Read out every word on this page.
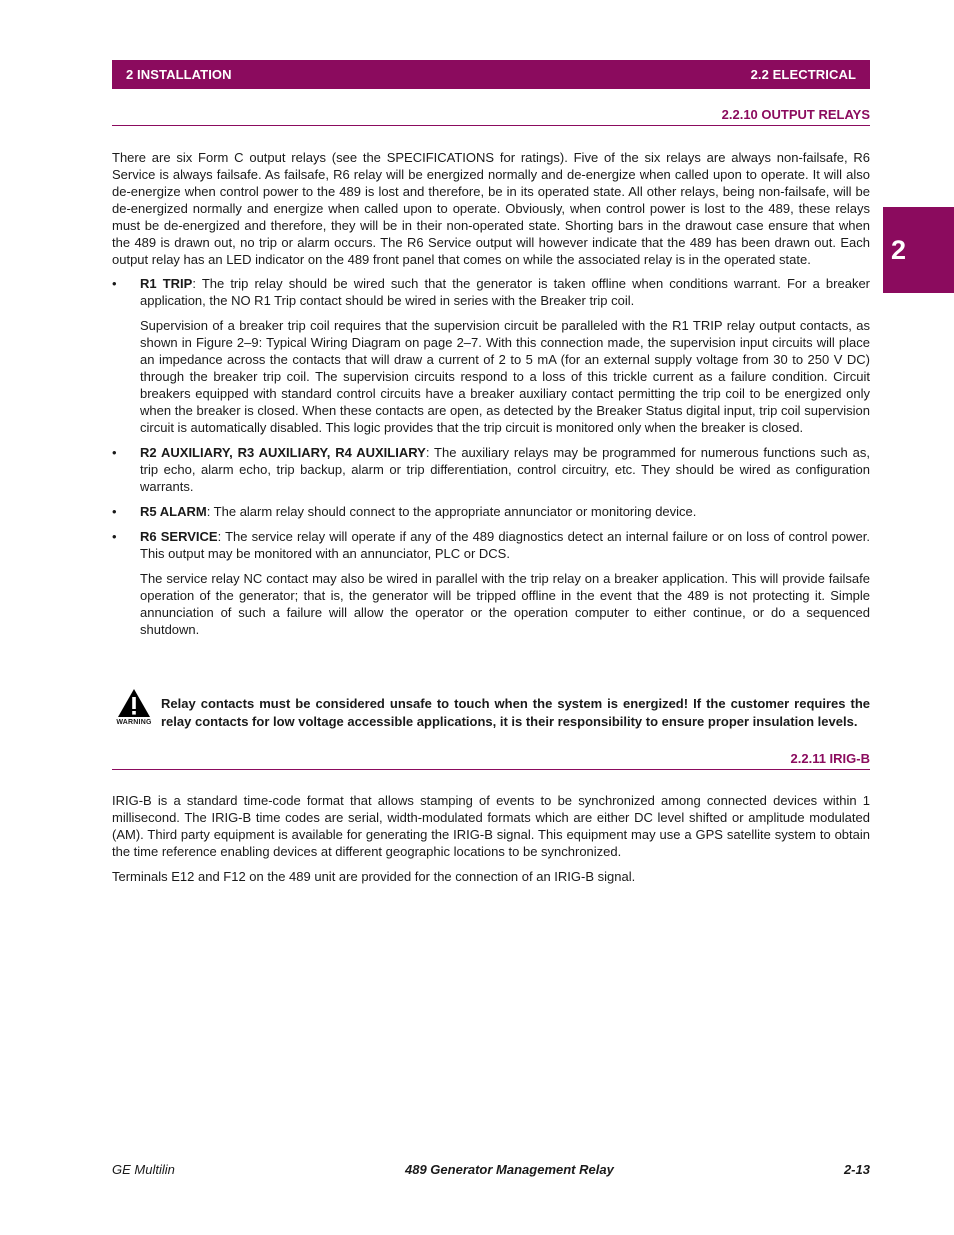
2 INSTALLATION	2.2 ELECTRICAL
2
2.2.10 OUTPUT RELAYS

There are six Form C output relays (see the SPECIFICATIONS for ratings). Five of the six relays are always non-failsafe, R6 Service is always failsafe. As failsafe, R6 relay will be energized normally and de-energize when called upon to operate. It will also de-energize when control power to the 489 is lost and therefore, be in its operated state. All other relays, being non-failsafe, will be de-energized normally and energize when called upon to operate. Obviously, when control power is lost to the 489, these relays must be de-energized and therefore, they will be in their non-operated state. Shorting bars in the drawout case ensure that when the 489 is drawn out, no trip or alarm occurs. The R6 Service output will however indicate that the 489 has been drawn out. Each output relay has an LED indicator on the 489 front panel that comes on while the associated relay is in the operated state.

• R1 TRIP: The trip relay should be wired such that the generator is taken offline when conditions warrant. For a breaker application, the NO R1 Trip contact should be wired in series with the Breaker trip coil.

Supervision of a breaker trip coil requires that the supervision circuit be paralleled with the R1 TRIP relay output contacts, as shown in Figure 2–9: Typical Wiring Diagram on page 2–7. With this connection made, the supervision input circuits will place an impedance across the contacts that will draw a current of 2 to 5 mA (for an external supply voltage from 30 to 250 V DC) through the breaker trip coil. The supervision circuits respond to a loss of this trickle current as a failure condition. Circuit breakers equipped with standard control circuits have a breaker auxiliary contact permitting the trip coil to be energized only when the breaker is closed. When these contacts are open, as detected by the Breaker Status digital input, trip coil supervision circuit is automatically disabled. This logic provides that the trip circuit is monitored only when the breaker is closed.

• R2 AUXILIARY, R3 AUXILIARY, R4 AUXILIARY: The auxiliary relays may be programmed for numerous functions such as, trip echo, alarm echo, trip backup, alarm or trip differentiation, control circuitry, etc. They should be wired as configuration warrants.

• R5 ALARM: The alarm relay should connect to the appropriate annunciator or monitoring device.

• R6 SERVICE: The service relay will operate if any of the 489 diagnostics detect an internal failure or on loss of control power. This output may be monitored with an annunciator, PLC or DCS.

The service relay NC contact may also be wired in parallel with the trip relay on a breaker application. This will provide failsafe operation of the generator; that is, the generator will be tripped offline in the event that the 489 is not protecting it. Simple annunciation of such a failure will allow the operator or the operation computer to either continue, or do a sequenced shutdown.

WARNING

Relay contacts must be considered unsafe to touch when the system is energized! If the customer requires the relay contacts for low voltage accessible applications, it is their responsibility to ensure proper insulation levels.

2.2.11 IRIG-B

IRIG-B is a standard time-code format that allows stamping of events to be synchronized among connected devices within 1 millisecond. The IRIG-B time codes are serial, width-modulated formats which are either DC level shifted or amplitude modulated (AM). Third party equipment is available for generating the IRIG-B signal. This equipment may use a GPS satellite system to obtain the time reference enabling devices at different geographic locations to be synchronized.

Terminals E12 and F12 on the 489 unit are provided for the connection of an IRIG-B signal.

GE Multilin	489 Generator Management Relay	2-13
